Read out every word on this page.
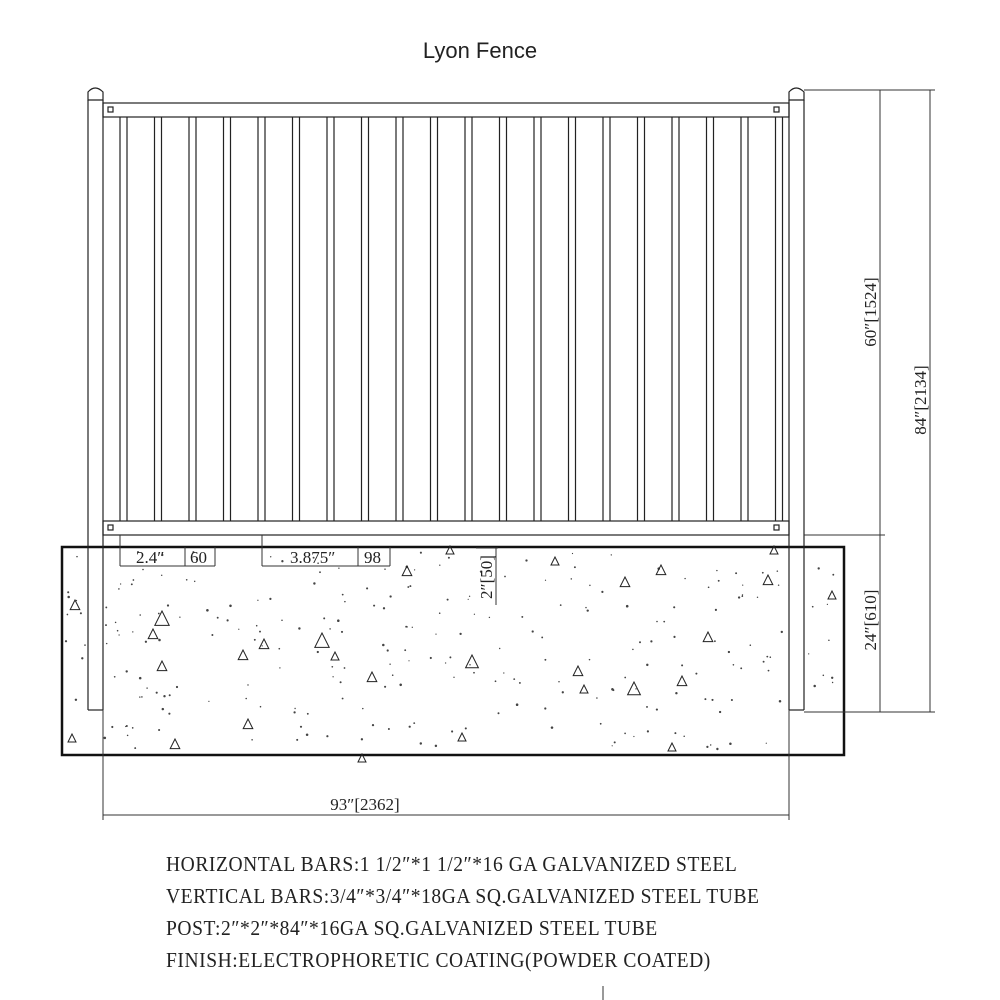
Lyon Fence
60″[1524]
84″[2134]
24″[610]
93″[2362]
2.4″ 60	3.875″ 98	2″[50]
HORIZONTAL BARS:1 1/2″*1 1/2″*16 GA GALVANIZED STEEL
VERTICAL BARS:3/4″*3/4″*18GA SQ.GALVANIZED STEEL TUBE
POST:2″*2″*84″*16GA SQ.GALVANIZED STEEL TUBE
FINISH:ELECTROPHORETIC COATING(POWDER COATED)
